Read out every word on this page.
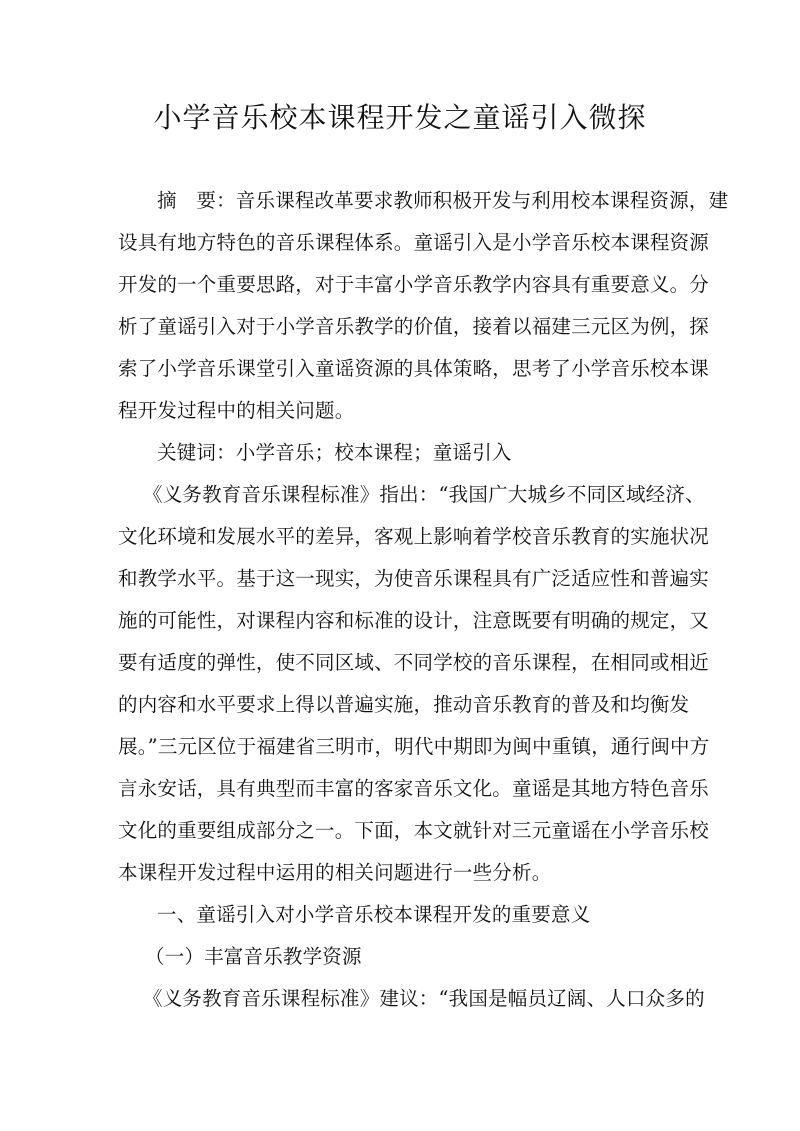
小学音乐校本课程开发之童谣引入微探
摘　要：音乐课程改革要求教师积极开发与利用校本课程资源，建
设具有地方特色的音乐课程体系。童谣引入是小学音乐校本课程资源
开发的一个重要思路，对于丰富小学音乐教学内容具有重要意义。分
析了童谣引入对于小学音乐教学的价值，接着以福建三元区为例，探
索了小学音乐课堂引入童谣资源的具体策略，思考了小学音乐校本课
程开发过程中的相关问题。
关键词：小学音乐；校本课程；童谣引入
《义务教育音乐课程标准》指出：“我国广大城乡不同区域经济、
文化环境和发展水平的差异，客观上影响着学校音乐教育的实施状况
和教学水平。基于这一现实，为使音乐课程具有广泛适应性和普遍实
施的可能性，对课程内容和标准的设计，注意既要有明确的规定，又
要有适度的弹性，使不同区域、不同学校的音乐课程，在相同或相近
的内容和水平要求上得以普遍实施，推动音乐教育的普及和均衡发
展。”三元区位于福建省三明市，明代中期即为闽中重镇，通行闽中方
言永安话，具有典型而丰富的客家音乐文化。童谣是其地方特色音乐
文化的重要组成部分之一。下面，本文就针对三元童谣在小学音乐校
本课程开发过程中运用的相关问题进行一些分析。
一、童谣引入对小学音乐校本课程开发的重要意义
（一）丰富音乐教学资源
《义务教育音乐课程标准》建议：“我国是幅员辽阔、人口众多的
